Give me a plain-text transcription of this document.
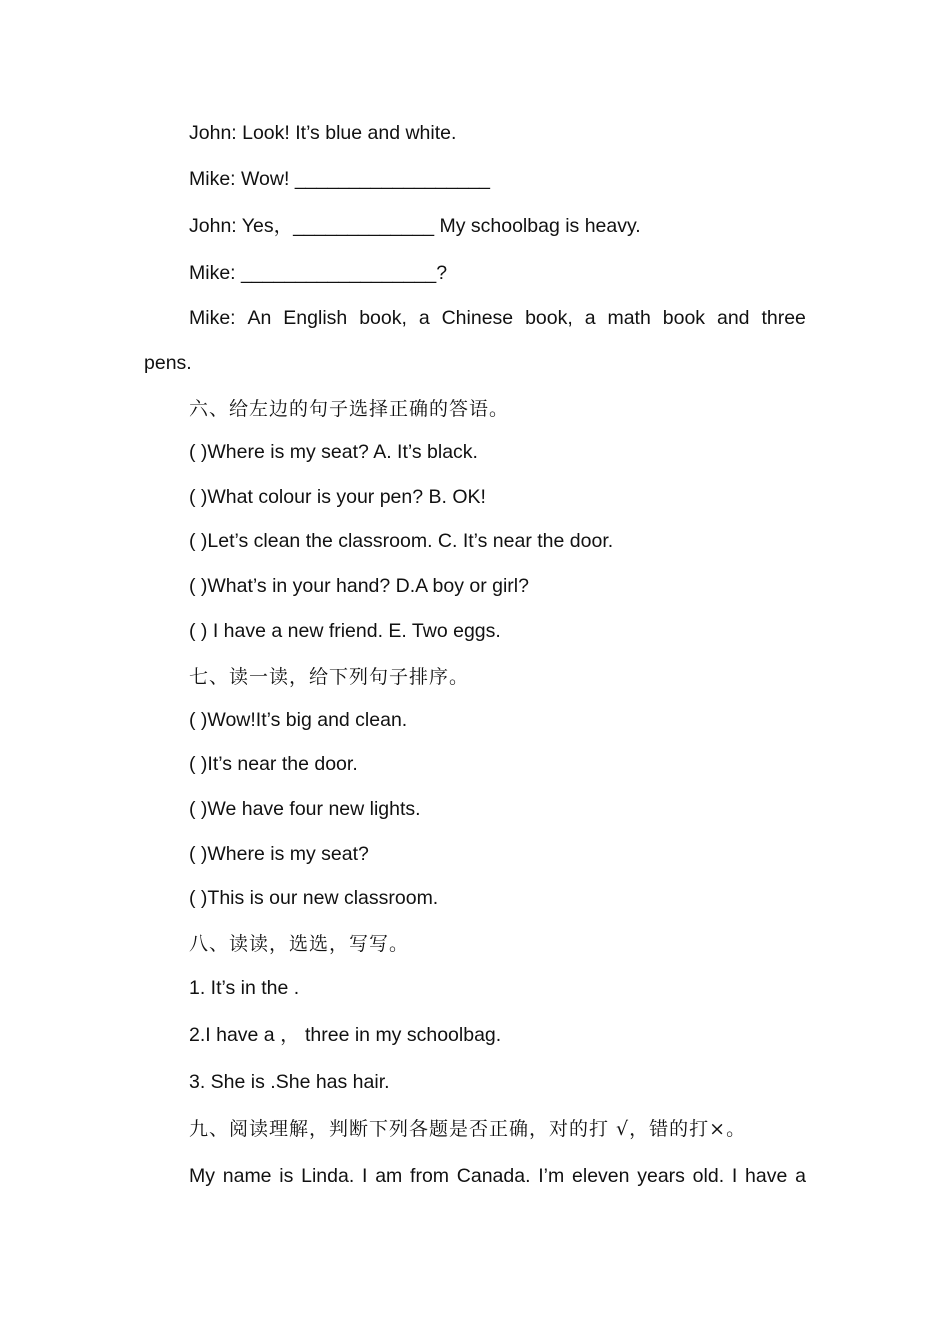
John: Look! It’s blue and white.
Mike: Wow! __________________
John: Yes，_____________ My schoolbag is heavy.
Mike: __________________?
Mike: An English book, a Chinese book, a math book and three
pens.
六、给左边的句子选择正确的答语。
( )Where is my seat? A. It’s black.
( )What colour is your pen? B. OK!
( )Let’s clean the classroom. C. It’s near the door.
( )What’s in your hand? D.A boy or girl?
( ) I have a new friend. E. Two eggs.
七、读一读，给下列句子排序。
( )Wow!It’s big and clean.
( )It’s near the door.
( )We have four new lights.
( )Where is my seat?
( )This is our new classroom.
八、读读，选选，写写。
1. It’s in the .
2.I have a ， three in my schoolbag.
3. She is .She has hair.
九、阅读理解，判断下列各题是否正确，对的打 √，错的打×。
My name is Linda. I am from Canada. I’m eleven years old. I have a
